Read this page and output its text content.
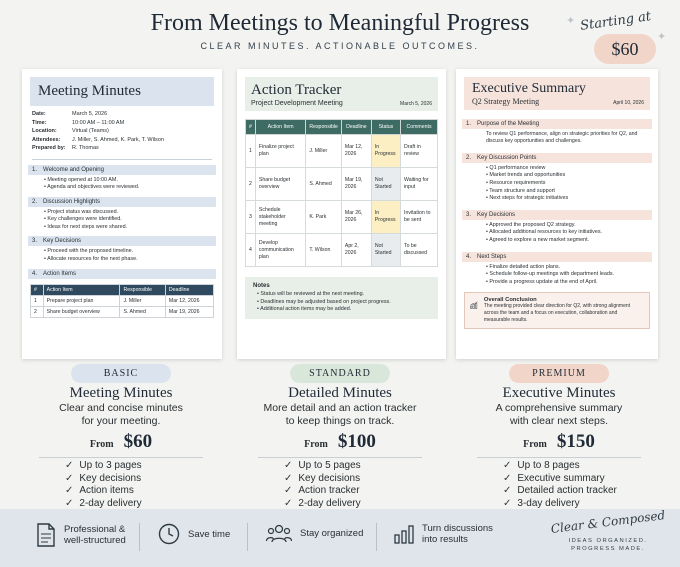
From Meetings to Meaningful Progress
CLEAR MINUTES. ACTIONABLE OUTCOMES.
✦
✦
Starting at
$60
Meeting Minutes
Date:	March 5, 2026
Time:	10:00 AM – 11:00 AM
Location:	Virtual (Teams)
Attendees:	J. Miller, S. Ahmed, K. Park, T. Wilson
Prepared by:	R. Thomas
1. Welcome and Opening
• Meeting opened at 10:00 AM.
• Agenda and objectives were reviewed.
2. Discussion Highlights
• Project status was discussed.
• Key challenges were identified.
• Ideas for next steps were shared.
3. Key Decisions
• Proceed with the proposed timeline.
• Allocate resources for the next phase.
4. Action Items
#	Action Item	Responsible	Deadline
1	Prepare project plan	J. Miller	Mar 12, 2026
2	Share budget overview	S. Ahmed	Mar 19, 2026
Action Tracker
Project Development Meeting	March 5, 2026
#	Action Item	Responsible	Deadline	Status	Comments
1	Finalize project plan	J. Miller	Mar 12, 2026	In Progress	Draft in review
2	Share budget overview	S. Ahmed	Mar 19, 2026	Not Started	Waiting for input
3	Schedule stakeholder meeting	K. Park	Mar 26, 2026	In Progress	Invitation to be sent
4	Develop communication plan	T. Wilson	Apr 2, 2026	Not Started	To be discussed
Notes
• Status will be reviewed at the next meeting.
• Deadlines may be adjusted based on project progress.
• Additional action items may be added.
Executive Summary
Q2 Strategy Meeting	April 10, 2026
1. Purpose of the Meeting
To review Q1 performance, align on strategic priorities for Q2, and discuss key opportunities and challenges.
2. Key Discussion Points
• Q1 performance review
• Market trends and opportunities
• Resource requirements
• Team structure and support
• Next steps for strategic initiatives
3. Key Decisions
• Approved the proposed Q2 strategy.
• Allocated additional resources to key initiatives.
• Agreed to explore a new market segment.
4. Next Steps
• Finalize detailed action plans.
• Schedule follow-up meetings with department leads.
• Provide a progress update at the end of April.
Overall Conclusion
The meeting provided clear direction for Q2, with strong alignment across the team and a focus on execution, collaboration and measurable results.
BASIC
Meeting Minutes
Clear and concise minutes
for your meeting.
From $60
✓ Up to 3 pages
✓ Key decisions
✓ Action items
✓ 2-day delivery
STANDARD
Detailed Minutes
More detail and an action tracker
to keep things on track.
From $100
✓ Up to 5 pages
✓ Key decisions
✓ Action tracker
✓ 2-day delivery
PREMIUM
Executive Minutes
A comprehensive summary
with clear next steps.
From $150
✓ Up to 8 pages
✓ Executive summary
✓ Detailed action tracker
✓ 3-day delivery
Professional &
well-structured
Save time	Stay organized	Turn discussions
into results
Clear & Composed
IDEAS ORGANIZED.
PROGRESS MADE.
